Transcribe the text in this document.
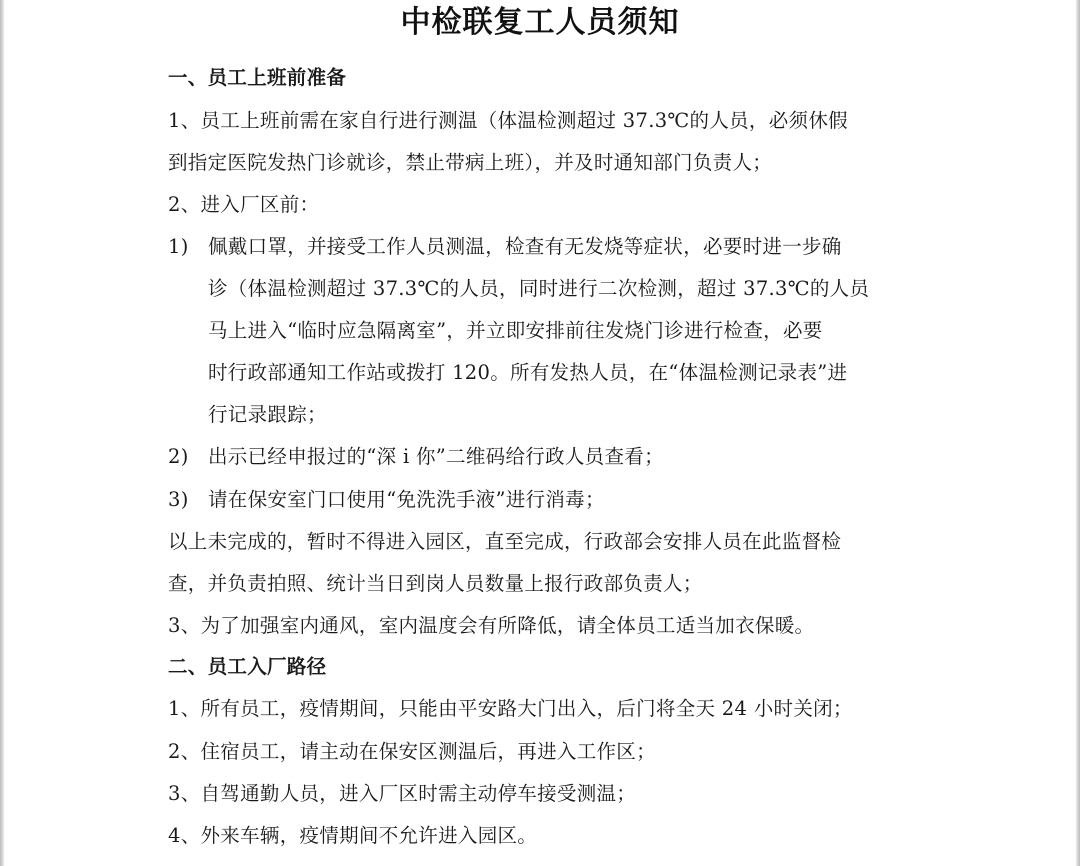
中检联复工人员须知
一、员工上班前准备
1、员工上班前需在家自行进行测温（体温检测超过 37.3℃的人员，必须休假
到指定医院发热门诊就诊，禁止带病上班），并及时通知部门负责人；
2、进入厂区前：
1) 佩戴口罩，并接受工作人员测温，检查有无发烧等症状，必要时进一步确
诊（体温检测超过 37.3℃的人员，同时进行二次检测，超过 37.3℃的人员
马上进入“临时应急隔离室”，并立即安排前往发烧门诊进行检查，必要
时行政部通知工作站或拨打 120。所有发热人员，在“体温检测记录表”进
行记录跟踪；
2) 出示已经申报过的“深 i 你”二维码给行政人员查看；
3) 请在保安室门口使用“免洗洗手液”进行消毒；
以上未完成的，暂时不得进入园区，直至完成，行政部会安排人员在此监督检
查，并负责拍照、统计当日到岗人员数量上报行政部负责人；
3、为了加强室内通风，室内温度会有所降低，请全体员工适当加衣保暖。
二、员工入厂路径
1、所有员工，疫情期间，只能由平安路大门出入，后门将全天 24 小时关闭；
2、住宿员工，请主动在保安区测温后，再进入工作区；
3、自驾通勤人员，进入厂区时需主动停车接受测温；
4、外来车辆，疫情期间不允许进入园区。
